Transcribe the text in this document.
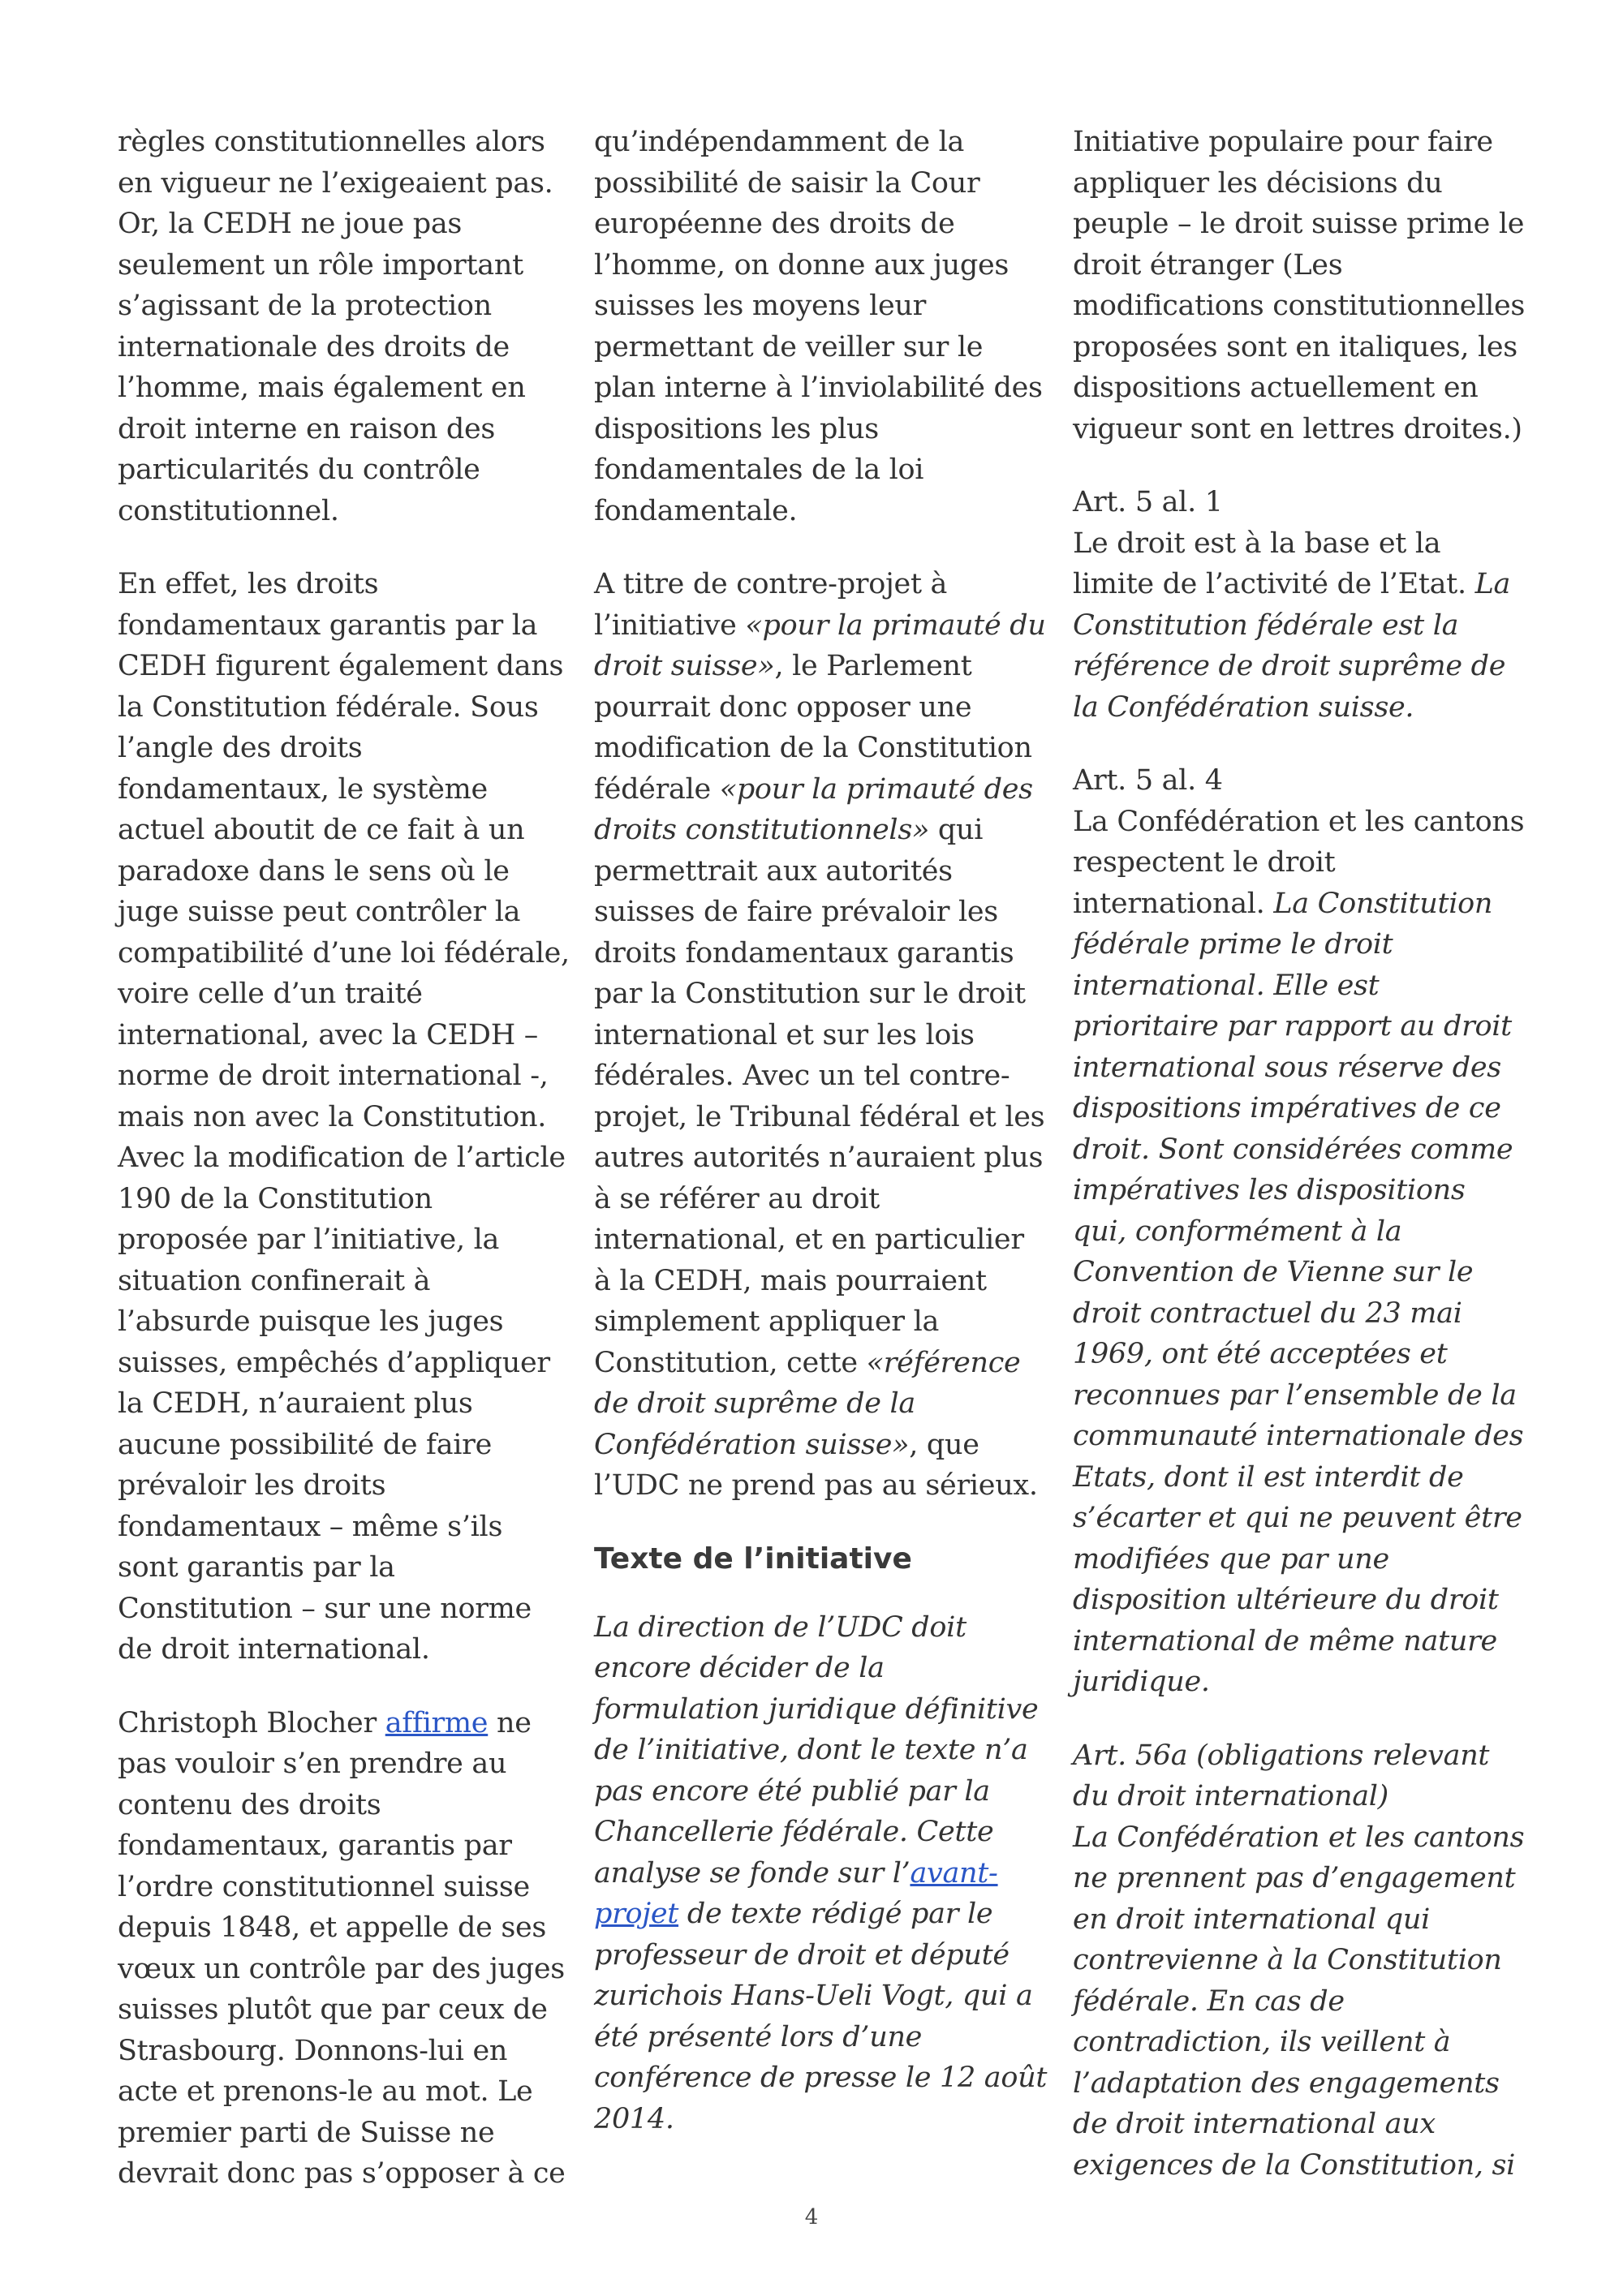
règles constitutionnelles alors
en vigueur ne l’exigeaient pas.
Or, la CEDH ne joue pas
seulement un rôle important
s’agissant de la protection
internationale des droits de
l’homme, mais également en
droit interne en raison des
particularités du contrôle
constitutionnel.
En effet, les droits
fondamentaux garantis par la
CEDH figurent également dans
la Constitution fédérale. Sous
l’angle des droits
fondamentaux, le système
actuel aboutit de ce fait à un
paradoxe dans le sens où le
juge suisse peut contrôler la
compatibilité d’une loi fédérale,
voire celle d’un traité
international, avec la CEDH –
norme de droit international -,
mais non avec la Constitution.
Avec la modification de l’article
190 de la Constitution
proposée par l’initiative, la
situation confinerait à
l’absurde puisque les juges
suisses, empêchés d’appliquer
la CEDH, n’auraient plus
aucune possibilité de faire
prévaloir les droits
fondamentaux – même s’ils
sont garantis par la
Constitution – sur une norme
de droit international.
Christoph Blocher affirme ne
pas vouloir s’en prendre au
contenu des droits
fondamentaux, garantis par
l’ordre constitutionnel suisse
depuis 1848, et appelle de ses
vœux un contrôle par des juges
suisses plutôt que par ceux de
Strasbourg. Donnons-lui en
acte et prenons-le au mot. Le
premier parti de Suisse ne
devrait donc pas s’opposer à ce
qu’indépendamment de la
possibilité de saisir la Cour
européenne des droits de
l’homme, on donne aux juges
suisses les moyens leur
permettant de veiller sur le
plan interne à l’inviolabilité des
dispositions les plus
fondamentales de la loi
fondamentale.
A titre de contre-projet à
l’initiative «pour la primauté du
droit suisse», le Parlement
pourrait donc opposer une
modification de la Constitution
fédérale «pour la primauté des
droits constitutionnels» qui
permettrait aux autorités
suisses de faire prévaloir les
droits fondamentaux garantis
par la Constitution sur le droit
international et sur les lois
fédérales. Avec un tel contre-
projet, le Tribunal fédéral et les
autres autorités n’auraient plus
à se référer au droit
international, et en particulier
à la CEDH, mais pourraient
simplement appliquer la
Constitution, cette «référence
de droit suprême de la
Confédération suisse», que
l’UDC ne prend pas au sérieux.
Texte de l’initiative
La direction de l’UDC doit
encore décider de la
formulation juridique définitive
de l’initiative, dont le texte n’a
pas encore été publié par la
Chancellerie fédérale. Cette
analyse se fonde sur l’avant-
projet de texte rédigé par le
professeur de droit et député
zurichois Hans-Ueli Vogt, qui a
été présenté lors d’une
conférence de presse le 12 août
2014.
Initiative populaire pour faire
appliquer les décisions du
peuple – le droit suisse prime le
droit étranger (Les
modifications constitutionnelles
proposées sont en italiques, les
dispositions actuellement en
vigueur sont en lettres droites.)
Art. 5 al. 1
Le droit est à la base et la
limite de l’activité de l’Etat. La
Constitution fédérale est la
référence de droit suprême de
la Confédération suisse.
Art. 5 al. 4
La Confédération et les cantons
respectent le droit
international. La Constitution
fédérale prime le droit
international. Elle est
prioritaire par rapport au droit
international sous réserve des
dispositions impératives de ce
droit. Sont considérées comme
impératives les dispositions
qui, conformément à la
Convention de Vienne sur le
droit contractuel du 23 mai
1969, ont été acceptées et
reconnues par l’ensemble de la
communauté internationale des
Etats, dont il est interdit de
s’écarter et qui ne peuvent être
modifiées que par une
disposition ultérieure du droit
international de même nature
juridique.
Art. 56a (obligations relevant
du droit international)
La Confédération et les cantons
ne prennent pas d’engagement
en droit international qui
contrevienne à la Constitution
fédérale. En cas de
contradiction, ils veillent à
l’adaptation des engagements
de droit international aux
exigences de la Constitution, si
4
